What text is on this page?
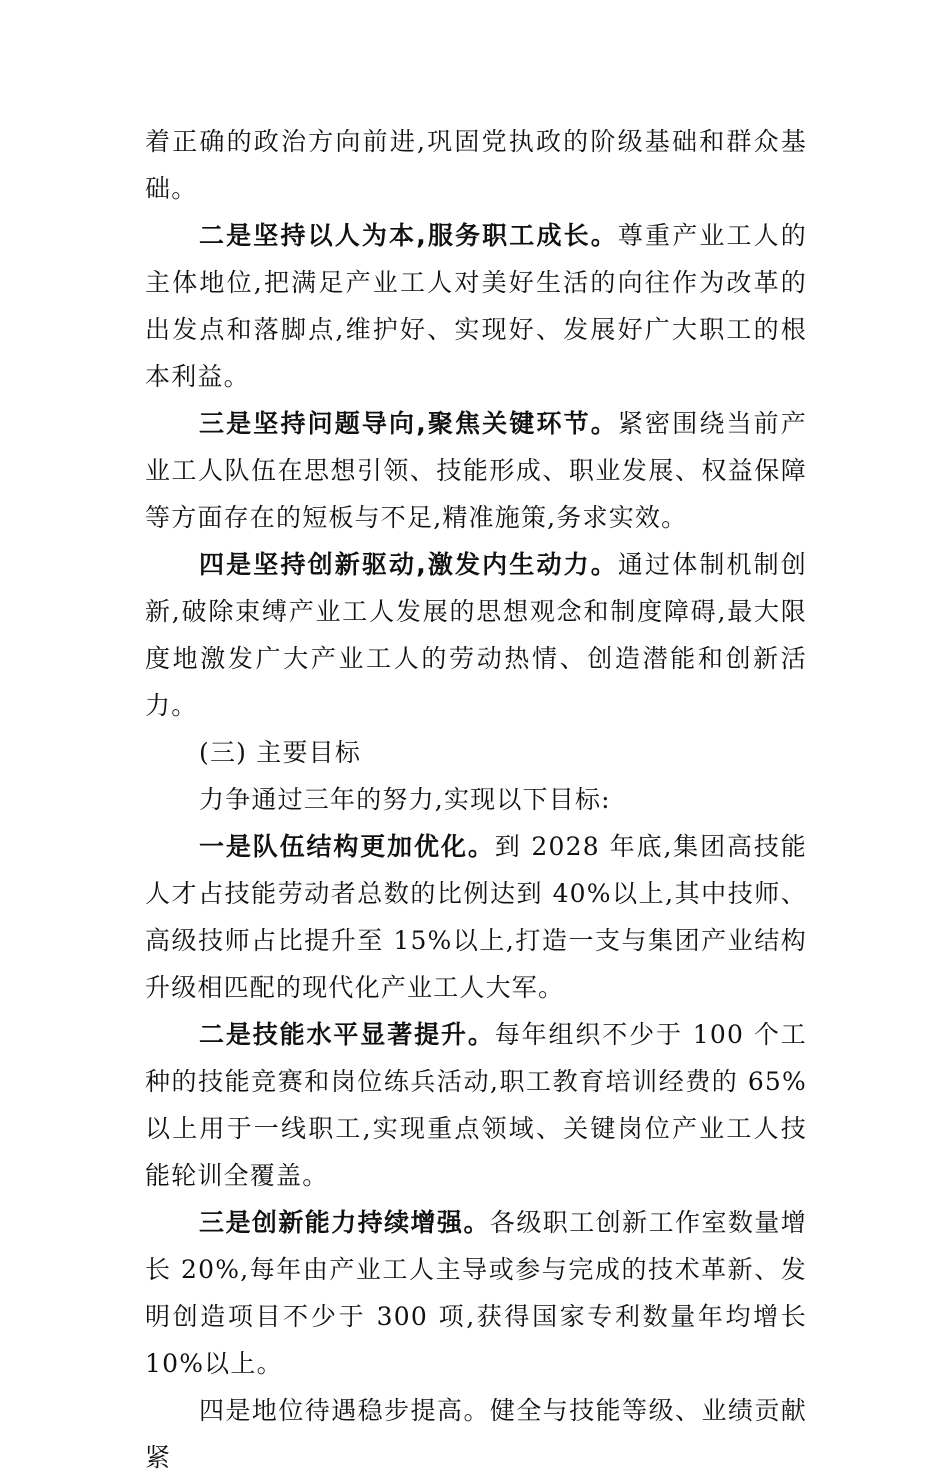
着正确的政治方向前进,巩固党执政的阶级基础和群众基础。

二是坚持以人为本,服务职工成长。尊重产业工人的主体地位,把满足产业工人对美好生活的向往作为改革的出发点和落脚点,维护好、实现好、发展好广大职工的根本利益。

三是坚持问题导向,聚焦关键环节。紧密围绕当前产业工人队伍在思想引领、技能形成、职业发展、权益保障等方面存在的短板与不足,精准施策,务求实效。

四是坚持创新驱动,激发内生动力。通过体制机制创新,破除束缚产业工人发展的思想观念和制度障碍,最大限度地激发广大产业工人的劳动热情、创造潜能和创新活力。

(三) 主要目标

力争通过三年的努力,实现以下目标:

一是队伍结构更加优化。到 2028 年底,集团高技能人才占技能劳动者总数的比例达到 40%以上,其中技师、高级技师占比提升至 15%以上,打造一支与集团产业结构升级相匹配的现代化产业工人大军。

二是技能水平显著提升。每年组织不少于 100 个工种的技能竞赛和岗位练兵活动,职工教育培训经费的 65%以上用于一线职工,实现重点领域、关键岗位产业工人技能轮训全覆盖。

三是创新能力持续增强。各级职工创新工作室数量增长 20%,每年由产业工人主导或参与完成的技术革新、发明创造项目不少于 300 项,获得国家专利数量年均增长 10%以上。

四是地位待遇稳步提高。健全与技能等级、业绩贡献紧
